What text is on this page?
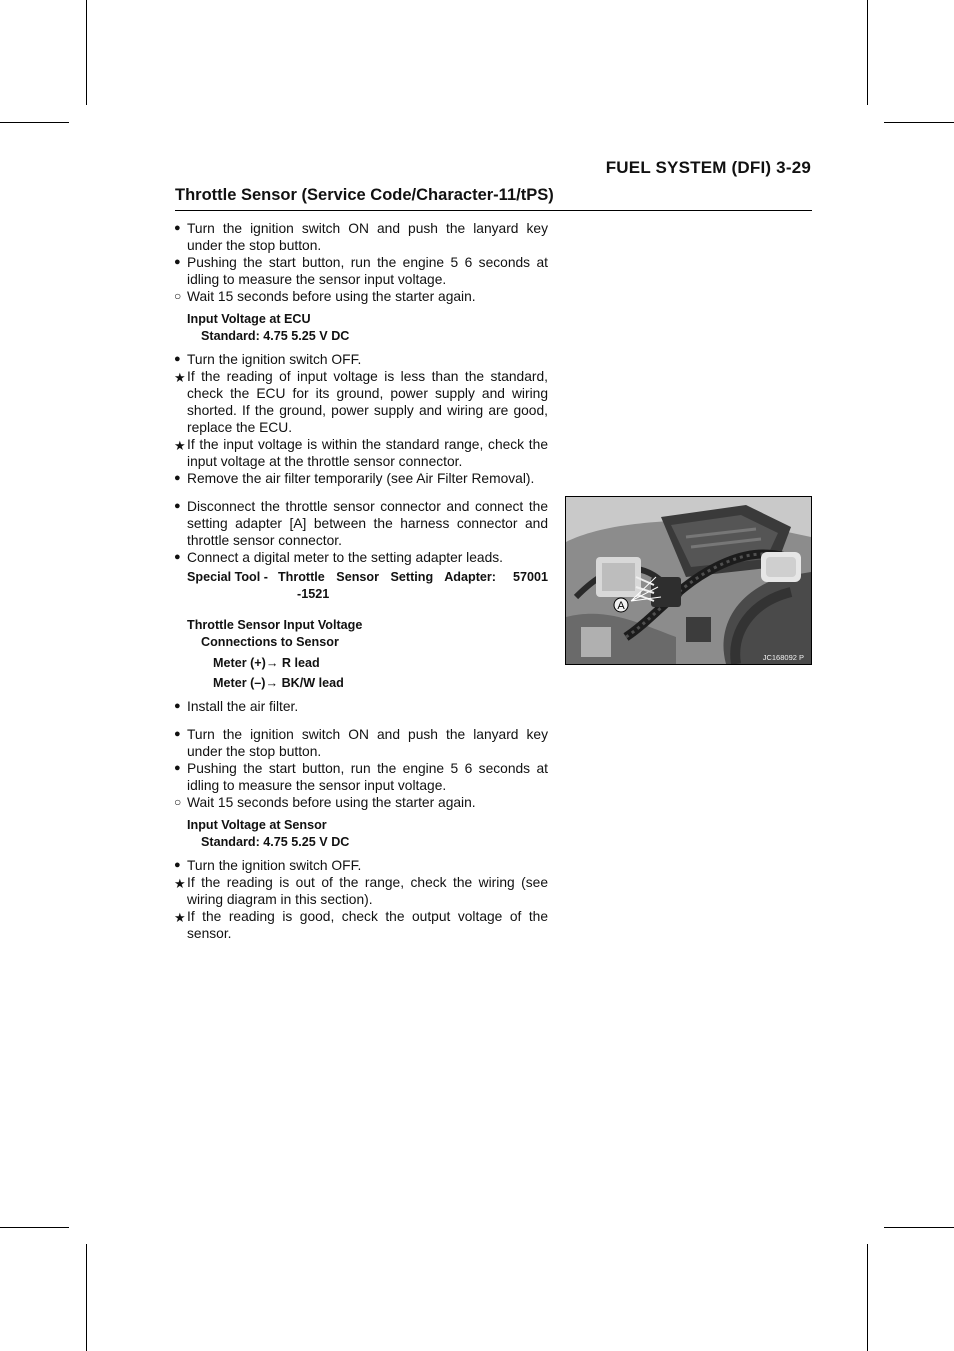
FUEL SYSTEM (DFI) 3-29
Throttle Sensor (Service Code/Character-11/tPS)
● Turn the ignition switch ON and push the lanyard key under the stop button.
● Pushing the start button, run the engine 5 6 seconds at idling to measure the sensor input voltage.
○ Wait 15 seconds before using the starter again.
Input Voltage at ECU
Standard: 4.75 5.25 V DC
● Turn the ignition switch OFF.
★ If the reading of input voltage is less than the standard, check the ECU for its ground, power supply and wiring shorted. If the ground, power supply and wiring are good, replace the ECU.
★ If the input voltage is within the standard range, check the input voltage at the throttle sensor connector.
● Remove the air filter temporarily (see Air Filter Removal).
● Disconnect the throttle sensor connector and connect the setting adapter [A] between the harness connector and throttle sensor connector.
● Connect a digital meter to the setting adapter leads.
Special Tool - Throttle Sensor Setting Adapter: 57001
-1521
Throttle Sensor Input Voltage
Connections to Sensor
Meter (+)→ R lead
Meter (–)→ BK/W lead
● Install the air filter.
● Turn the ignition switch ON and push the lanyard key under the stop button.
● Pushing the start button, run the engine 5 6 seconds at idling to measure the sensor input voltage.
○ Wait 15 seconds before using the starter again.
Input Voltage at Sensor
Standard: 4.75 5.25 V DC
● Turn the ignition switch OFF.
★ If the reading is out of the range, check the wiring (see wiring diagram in this section).
★ If the reading is good, check the output voltage of the sensor.
A
JC168092 P
